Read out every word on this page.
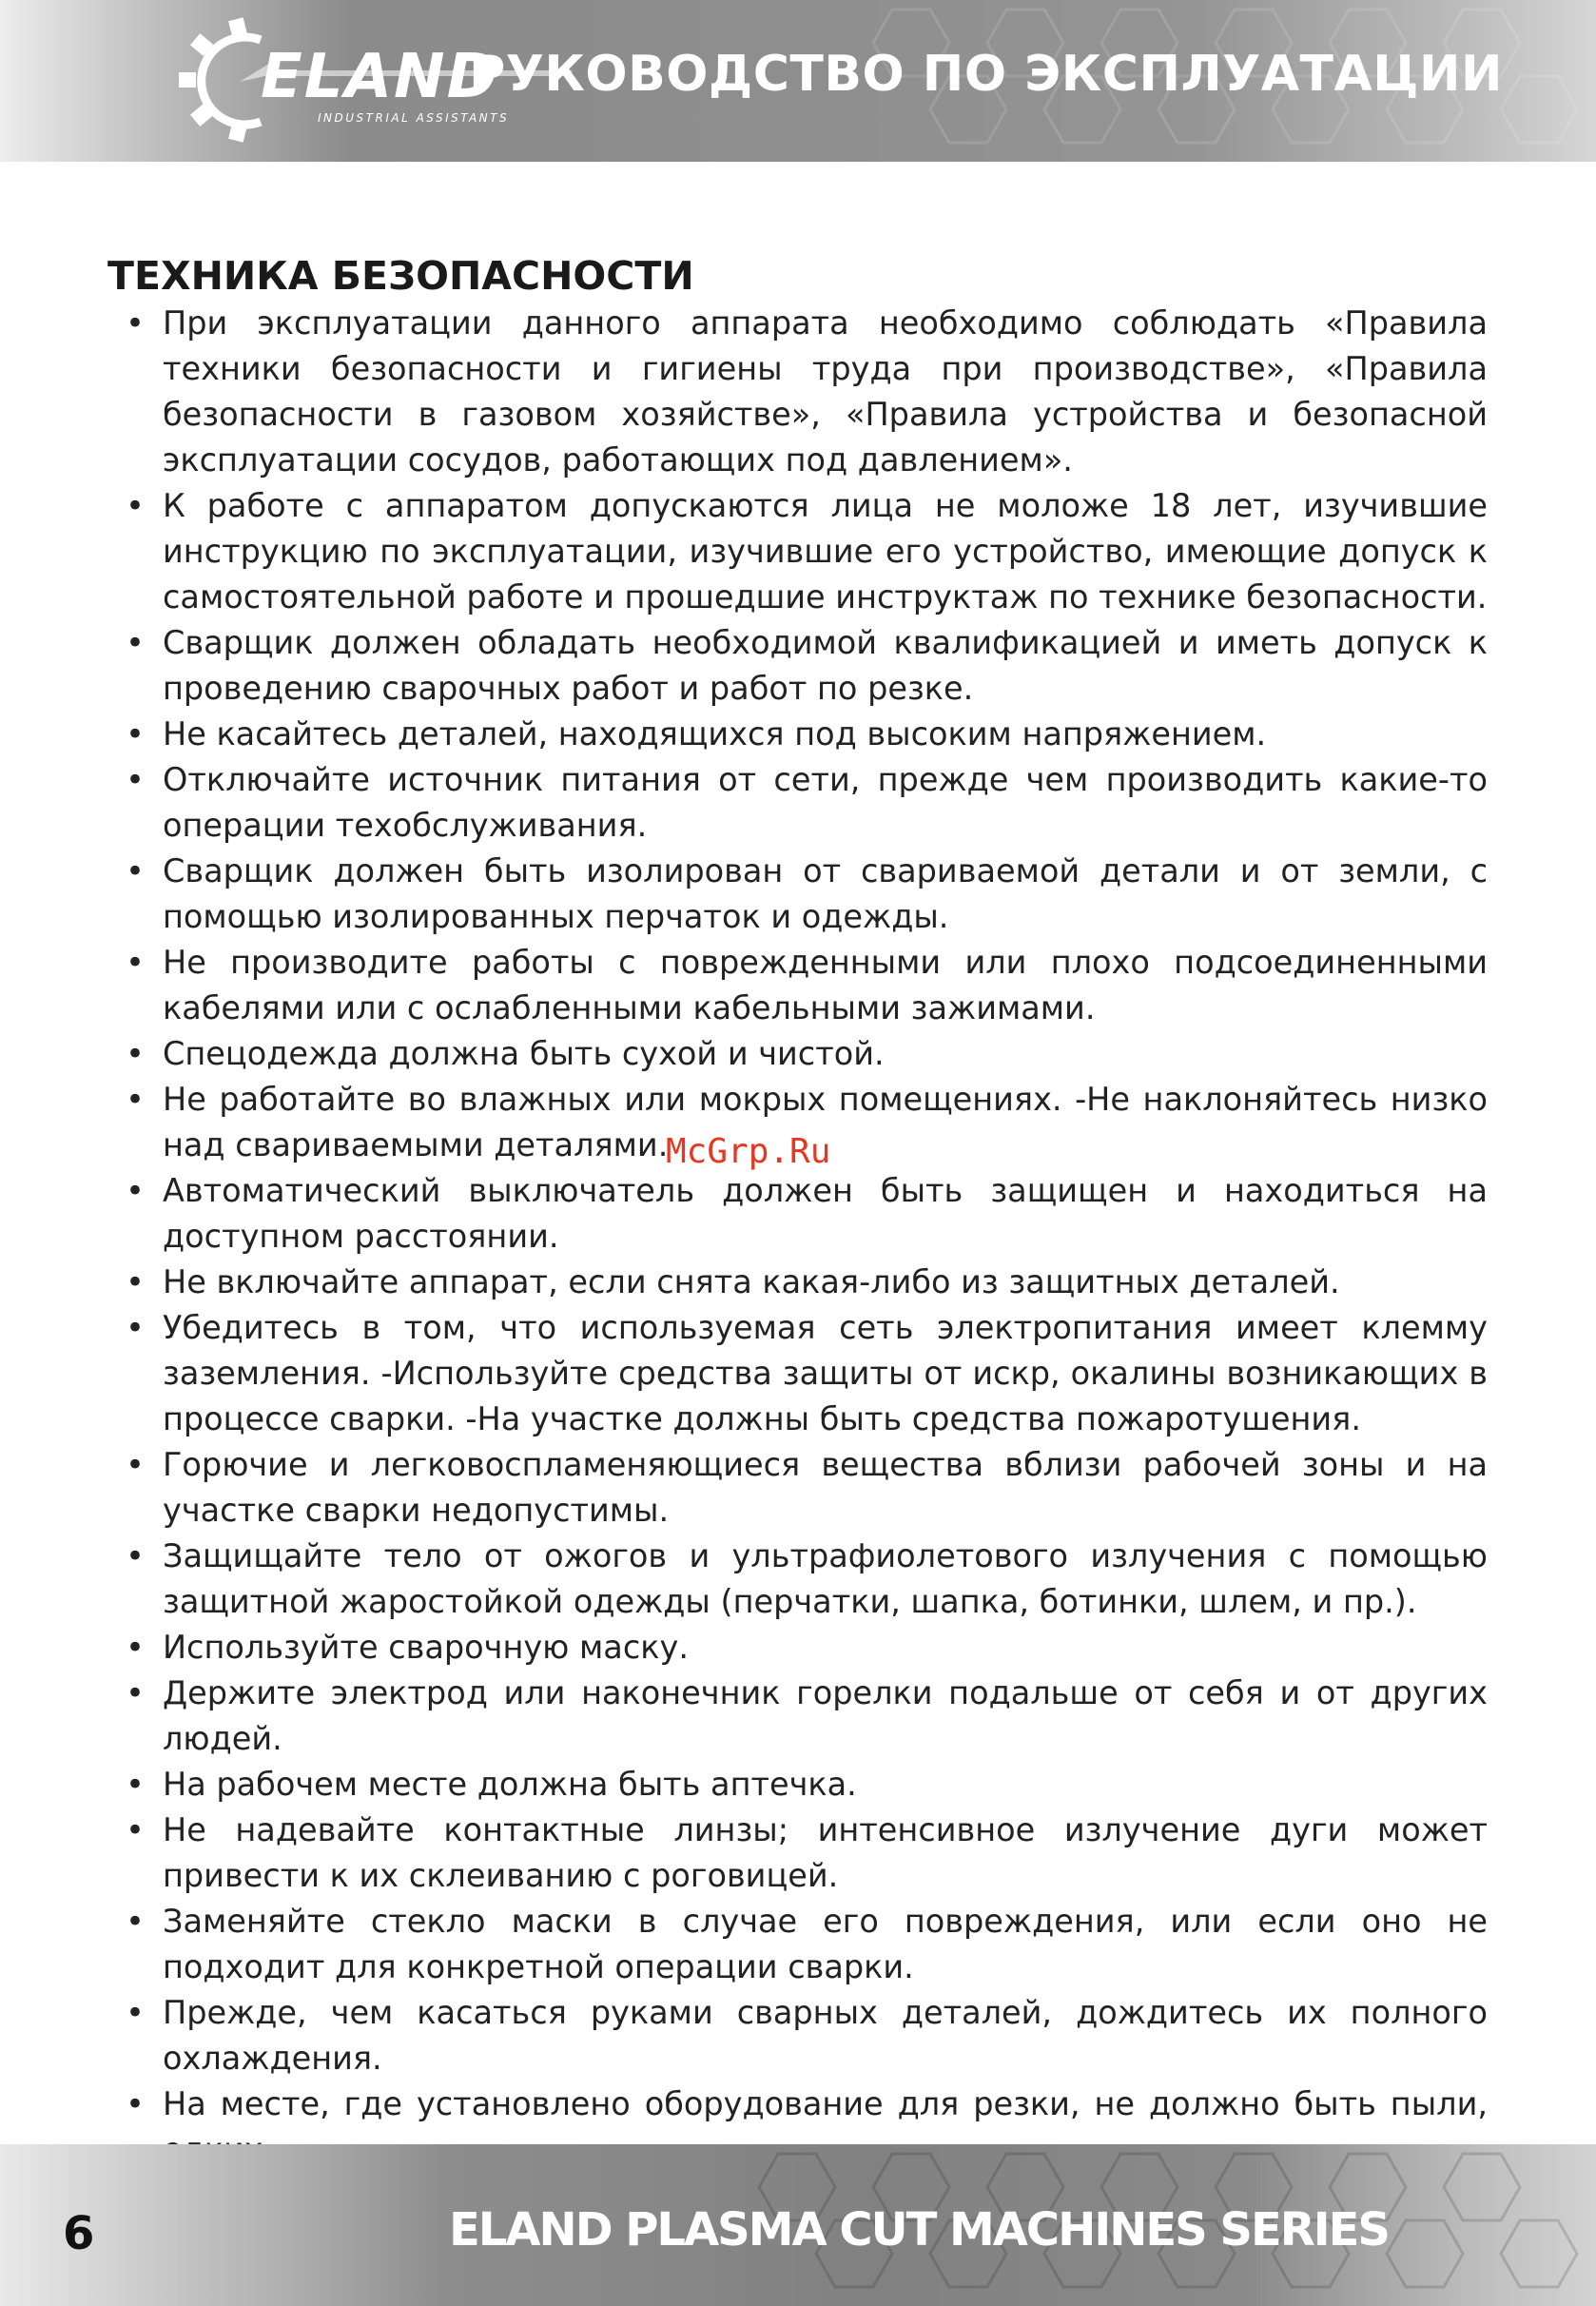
ELAND
INDUSTRIAL ASSISTANTS
РУКОВОДСТВО ПО ЭКСПЛУАТАЦИИ
ТЕХНИКА БЕЗОПАСНОСТИ
• При эксплуатации данного аппарата необходимо соблюдать «Правила техники безопасности и гигиены труда при производстве», «Правила безопасности в газовом хозяйстве», «Правила устройства и безопасной эксплуатации сосудов, работающих под давлением».
• К работе с аппаратом допускаются лица не моложе 18 лет, изучившие инструкцию по эксплуатации, изучившие его устройство, имеющие допуск к самостоятельной работе и прошедшие инструктаж по технике безопасности.
• Сварщик должен обладать необходимой квалификацией и иметь допуск к проведению сварочных работ и работ по резке.
• Не касайтесь деталей, находящихся под высоким напряжением.
• Отключайте источник питания от сети, прежде чем производить какие-то операции техобслуживания.
• Сварщик должен быть изолирован от свариваемой детали и от земли, с помощью изолированных перчаток и одежды.
• Не производите работы с поврежденными или плохо подсоединенными кабелями или с ослабленными кабельными зажимами.
• Спецодежда должна быть сухой и чистой.
• Не работайте во влажных или мокрых помещениях. -Не наклоняйтесь низко над свариваемыми деталями.
• Автоматический выключатель должен быть защищен и находиться на доступном расстоянии.
• Не включайте аппарат, если снята какая-либо из защитных деталей.
• Убедитесь в том, что используемая сеть электропитания имеет клемму заземления. -Используйте средства защиты от искр, окалины возникающих в процессе сварки. -На участке должны быть средства пожаротушения.
• Горючие и легковоспламеняющиеся вещества вблизи рабочей зоны и на участке сварки недопустимы.
• Защищайте тело от ожогов и ультрафиолетового излучения с помощью защитной жаростойкой одежды (перчатки, шапка, ботинки, шлем, и пр.).
• Используйте сварочную маску.
• Держите электрод или наконечник горелки подальше от себя и от других людей.
• На рабочем месте должна быть аптечка.
• Не надевайте контактные линзы; интенсивное излучение дуги может привести к их склеиванию с роговицей.
• Заменяйте стекло маски в случае его повреждения, или если оно не подходит для конкретной операции сварки.
• Прежде, чем касаться руками сварных деталей, дождитесь их полного охлаждения.
• На месте, где установлено оборудование для резки, не должно быть пыли,
McGrp.Ru
6	ELAND PLASMA CUT MACHINES SERIES
